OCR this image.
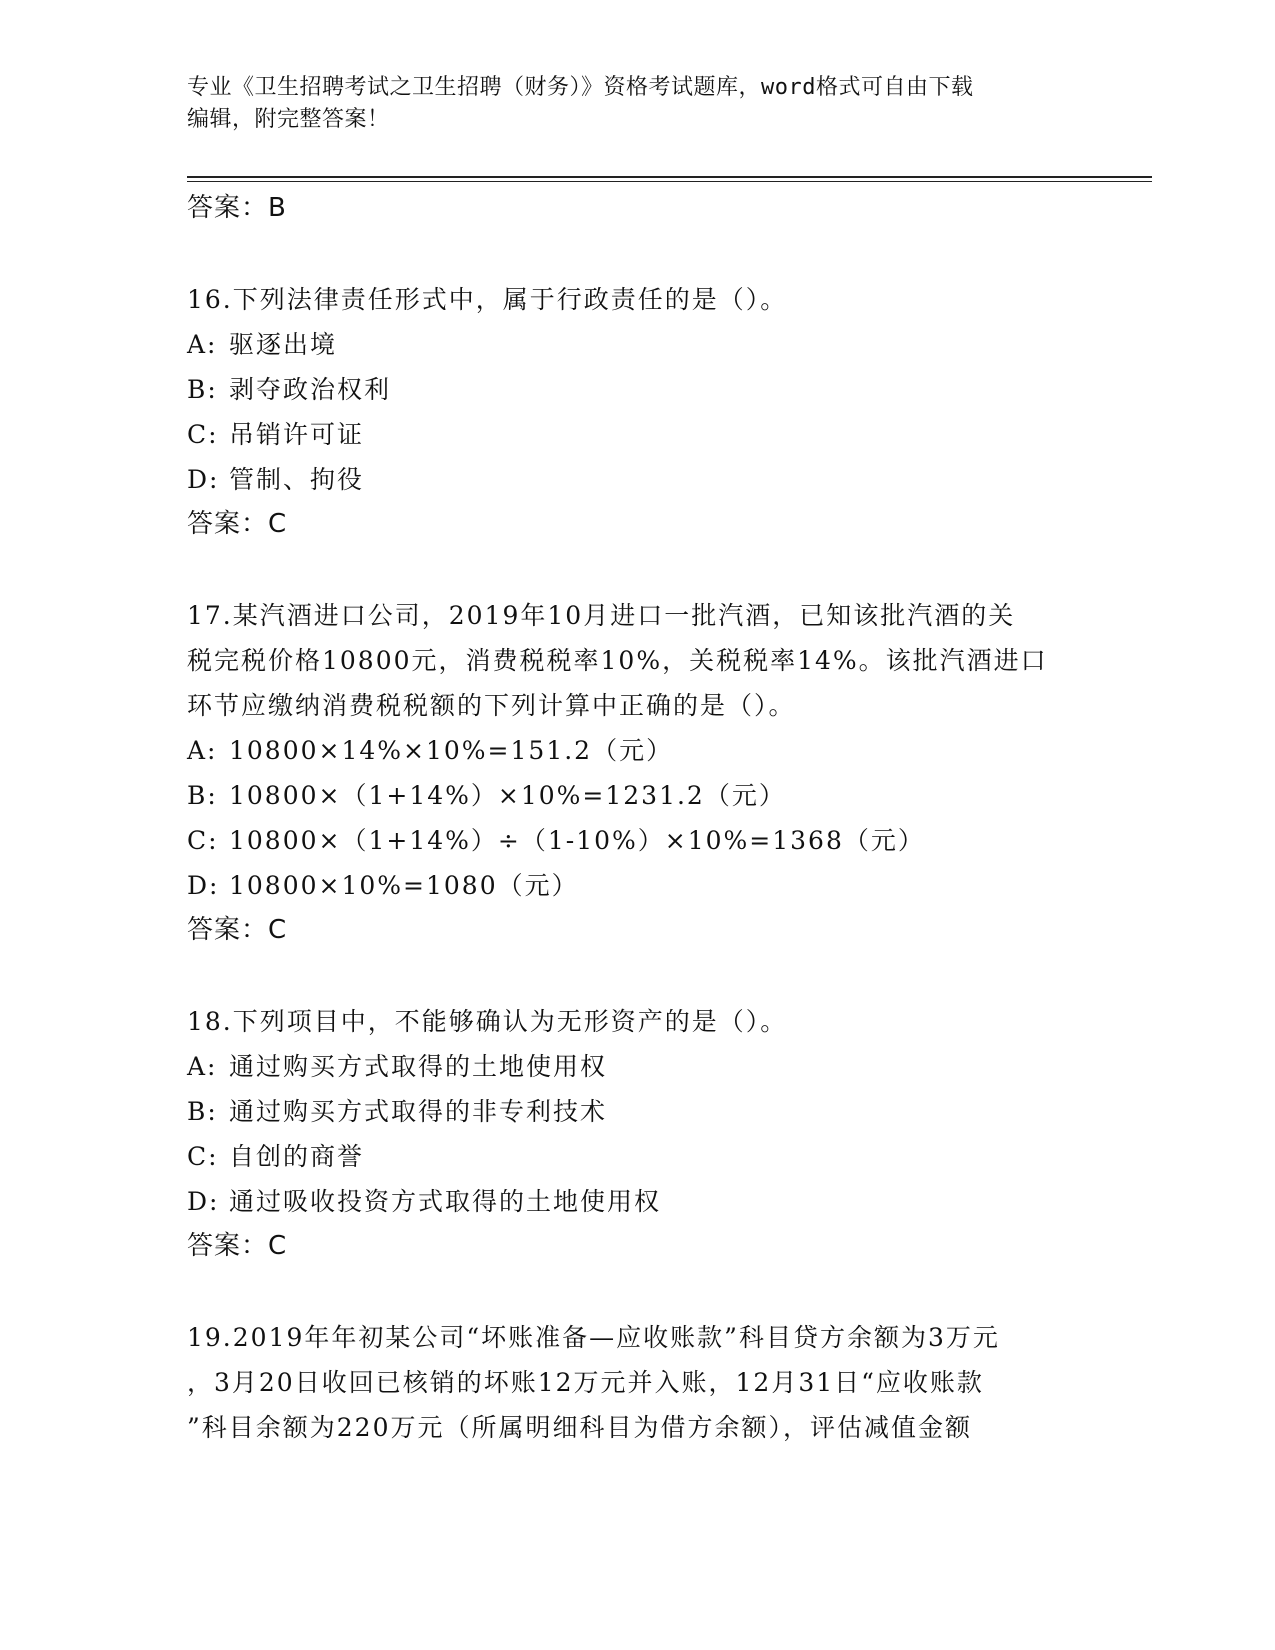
专业《卫生招聘考试之卫生招聘（财务）》资格考试题库，word格式可自由下载
编辑，附完整答案！
答案：B
16.下列法律责任形式中，属于行政责任的是（）。
A: 驱逐出境
B: 剥夺政治权利
C: 吊销许可证
D: 管制、拘役
答案：C
17.某汽酒进口公司，2019年10月进口一批汽酒，已知该批汽酒的关
税完税价格10800元，消费税税率10%，关税税率14%。该批汽酒进口
环节应缴纳消费税税额的下列计算中正确的是（）。
A: 10800×14%×10%=151.2（元）
B: 10800×（1+14%）×10%=1231.2（元）
C: 10800×（1+14%）÷（1-10%）×10%=1368（元）
D: 10800×10%=1080（元）
答案：C
18.下列项目中，不能够确认为无形资产的是（）。
A: 通过购买方式取得的土地使用权
B: 通过购买方式取得的非专利技术
C: 自创的商誉
D: 通过吸收投资方式取得的土地使用权
答案：C
19.2019年年初某公司“坏账准备—应收账款”科目贷方余额为3万元
，3月20日收回已核销的坏账12万元并入账，12月31日“应收账款
”科目余额为220万元（所属明细科目为借方余额），评估减值金额
